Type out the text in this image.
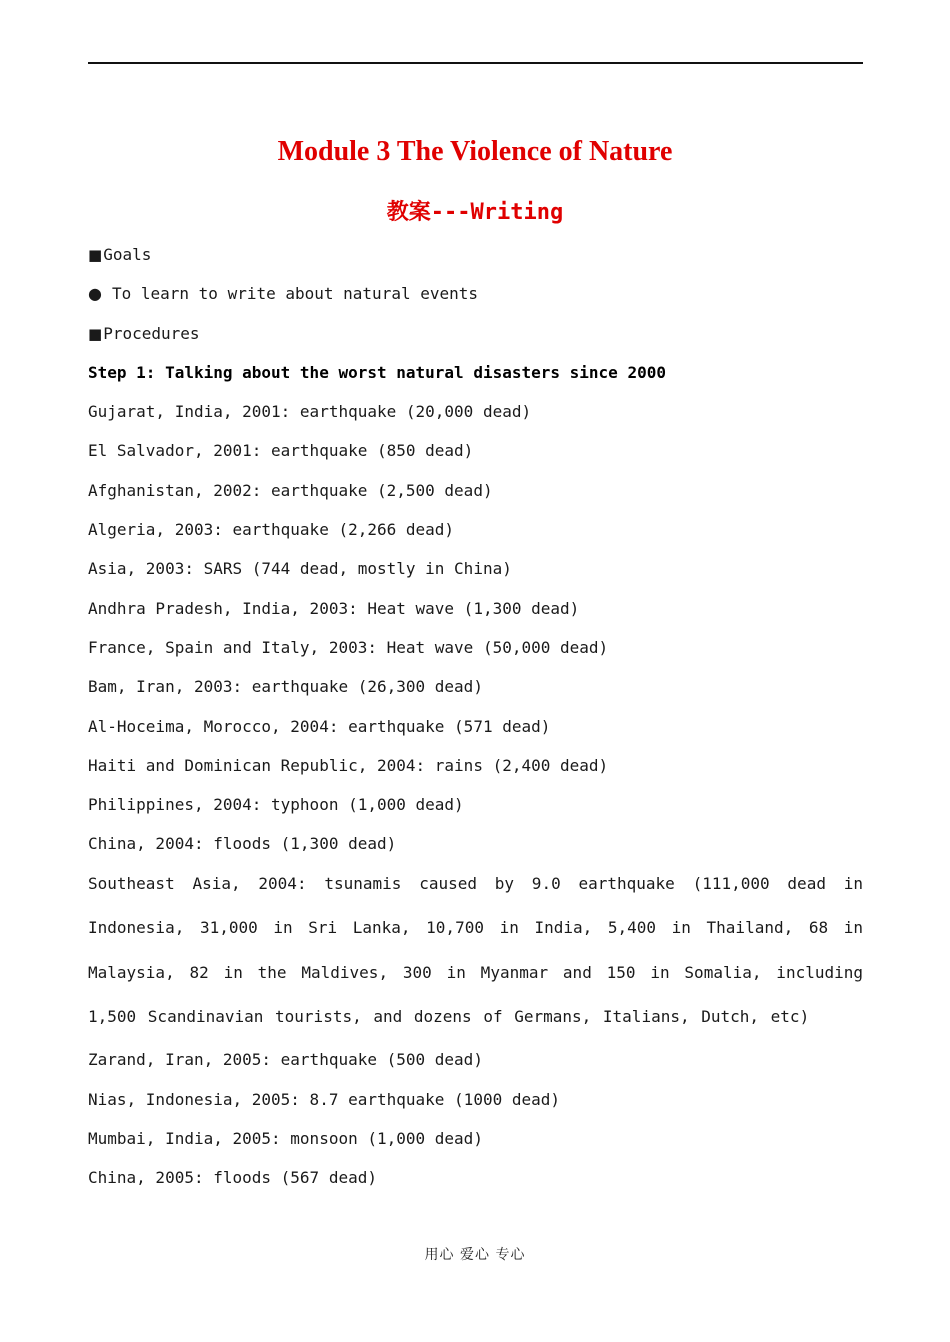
Module 3 The Violence of Nature
教案---Writing
■Goals
● To learn to write about natural events
■Procedures
Step 1: Talking about the worst natural disasters since 2000
Gujarat, India, 2001: earthquake (20,000 dead)
El Salvador, 2001: earthquake (850 dead)
Afghanistan, 2002: earthquake (2,500 dead)
Algeria, 2003: earthquake (2,266 dead)
Asia, 2003: SARS (744 dead, mostly in China)
Andhra Pradesh, India, 2003: Heat wave (1,300 dead)
France, Spain and Italy, 2003: Heat wave (50,000 dead)
Bam, Iran, 2003: earthquake (26,300 dead)
Al-Hoceima, Morocco, 2004: earthquake (571 dead)
Haiti and Dominican Republic, 2004: rains (2,400 dead)
Philippines, 2004: typhoon (1,000 dead)
China, 2004: floods (1,300 dead)
Southeast Asia, 2004: tsunamis caused by 9.0 earthquake (111,000 dead in Indonesia, 31,000 in Sri Lanka, 10,700 in India, 5,400 in Thailand, 68 in Malaysia, 82 in the Maldives, 300 in Myanmar and 150 in Somalia, including 1,500 Scandinavian tourists, and dozens of Germans, Italians, Dutch, etc)
Zarand, Iran, 2005: earthquake (500 dead)
Nias, Indonesia, 2005: 8.7 earthquake (1000 dead)
Mumbai, India, 2005: monsoon (1,000 dead)
China, 2005: floods (567 dead)
用心 爱心 专心
